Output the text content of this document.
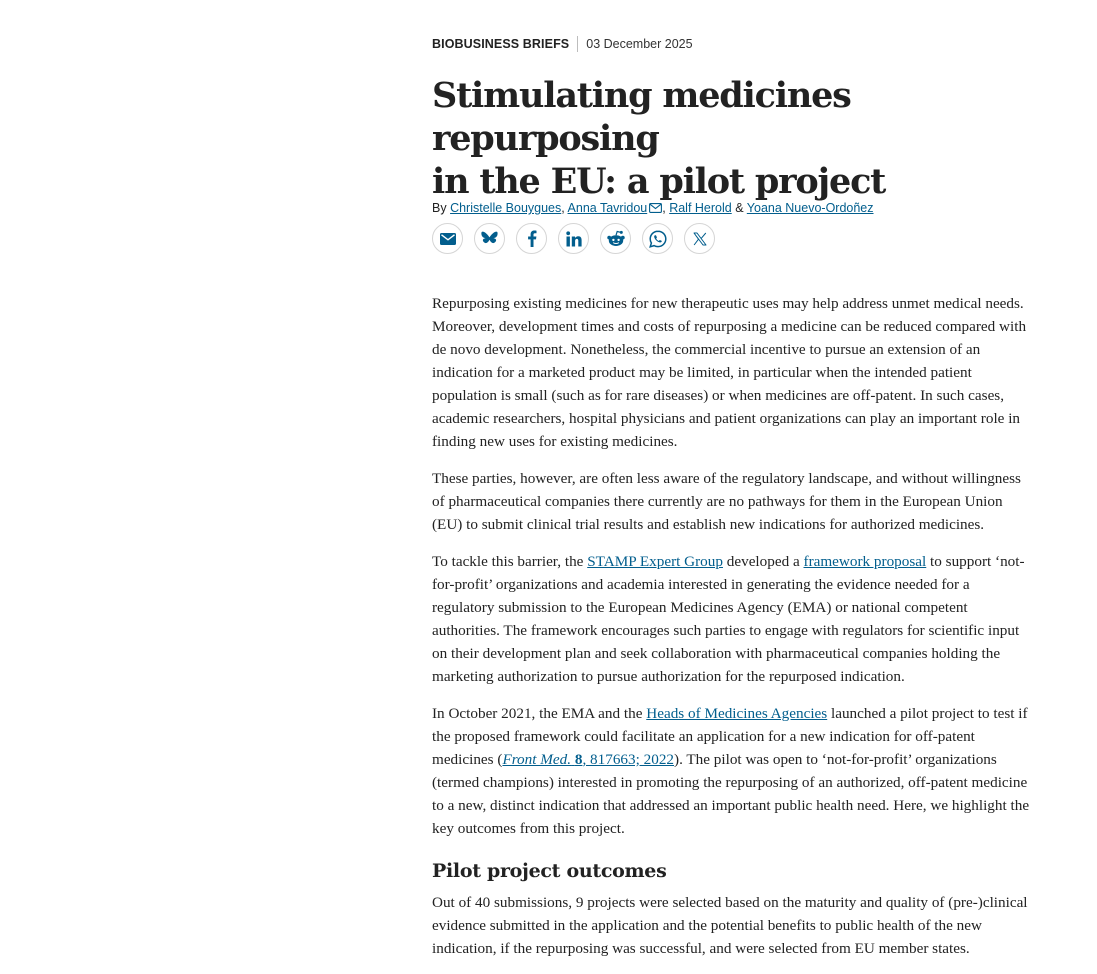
BIOBUSINESS BRIEFS 03 December 2025
Stimulating medicines repurposing
in the EU: a pilot project
By Christelle Bouygues, Anna Tavridou , Ralf Herold & Yoana Nuevo-Ordoñez

Repurposing existing medicines for new therapeutic uses may help address unmet medical needs. Moreover, development times and costs of repurposing a medicine can be reduced compared with de novo development. Nonetheless, the commercial incentive to pursue an extension of an indication for a marketed product may be limited, in particular when the intended patient population is small (such as for rare diseases) or when medicines are off-patent. In such cases, academic researchers, hospital physicians and patient organizations can play an important role in finding new uses for existing medicines.

These parties, however, are often less aware of the regulatory landscape, and without willingness of pharmaceutical companies there currently are no pathways for them in the European Union (EU) to submit clinical trial results and establish new indications for authorized medicines.

To tackle this barrier, the STAMP Expert Group developed a framework proposal to support ‘not-for-profit’ organizations and academia interested in generating the evidence needed for a regulatory submission to the European Medicines Agency (EMA) or national competent authorities. The framework encourages such parties to engage with regulators for scientific input on their development plan and seek collaboration with pharmaceutical companies holding the marketing authorization to pursue authorization for the repurposed indication.

In October 2021, the EMA and the Heads of Medicines Agencies launched a pilot project to test if the proposed framework could facilitate an application for a new indication for off-patent medicines (Front Med. 8, 817663; 2022). The pilot was open to ‘not-for-profit’ organizations (termed champions) interested in promoting the repurposing of an authorized, off-patent medicine to a new, distinct indication that addressed an important public health need. Here, we highlight the key outcomes from this project.

Pilot project outcomes

Out of 40 submissions, 9 projects were selected based on the maturity and quality of (pre-)clinical evidence submitted in the application and the potential benefits to public health of the new indication, if the repurposing was successful, and were selected from EU member states.
